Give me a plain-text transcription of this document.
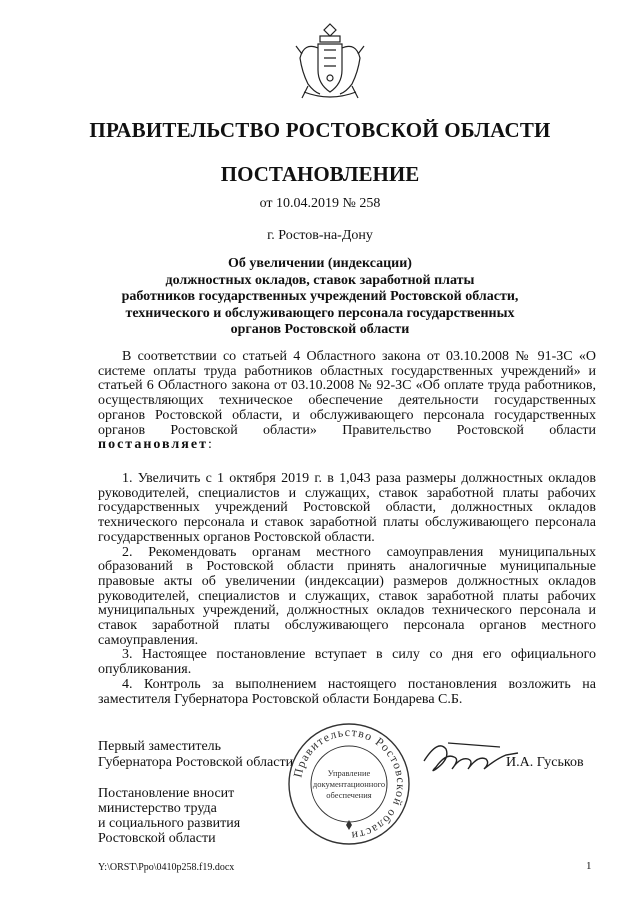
ПРАВИТЕЛЬСТВО РОСТОВСКОЙ ОБЛАСТИ
ПОСТАНОВЛЕНИЕ
от 10.04.2019 № 258
г. Ростов-на-Дону
Об увеличении (индексации)
должностных окладов, ставок заработной платы
работников государственных учреждений Ростовской области,
технического и обслуживающего персонала государственных
органов Ростовской области

В соответствии со статьей 4 Областного закона от 03.10.2008 № 91-ЗС «О системе оплаты труда работников областных государственных учреждений» и статьей 6 Областного закона от 03.10.2008 № 92-ЗС «Об оплате труда работников, осуществляющих техническое обеспечение деятельности государственных органов Ростовской области, и обслуживающего персонала государственных органов Ростовской области» Правительство Ростовской области постановляет:

1. Увеличить с 1 октября 2019 г. в 1,043 раза размеры должностных окладов руководителей, специалистов и служащих, ставок заработной платы рабочих государственных учреждений Ростовской области, должностных окладов технического персонала и ставок заработной платы обслуживающего персонала государственных органов Ростовской области.

2. Рекомендовать органам местного самоуправления муниципальных образований в Ростовской области принять аналогичные муниципальные правовые акты об увеличении (индексации) размеров должностных окладов руководителей, специалистов и служащих, ставок заработной платы рабочих муниципальных учреждений, должностных окладов технического персонала и ставок заработной платы обслуживающего персонала органов местного самоуправления.

3. Настоящее постановление вступает в силу со дня его официального опубликования.

4. Контроль за выполнением настоящего постановления возложить на заместителя Губернатора Ростовской области Бондарева С.Б.

Первый заместитель
Губернатора Ростовской области
Правительство Ростовской области
Управление
документационного
обеспечения
И.А. Гуськов
Постановление вносит
министерство труда
и социального развития
Ростовской области
Y:\ORST\Ppo\0410p258.f19.docx	1
